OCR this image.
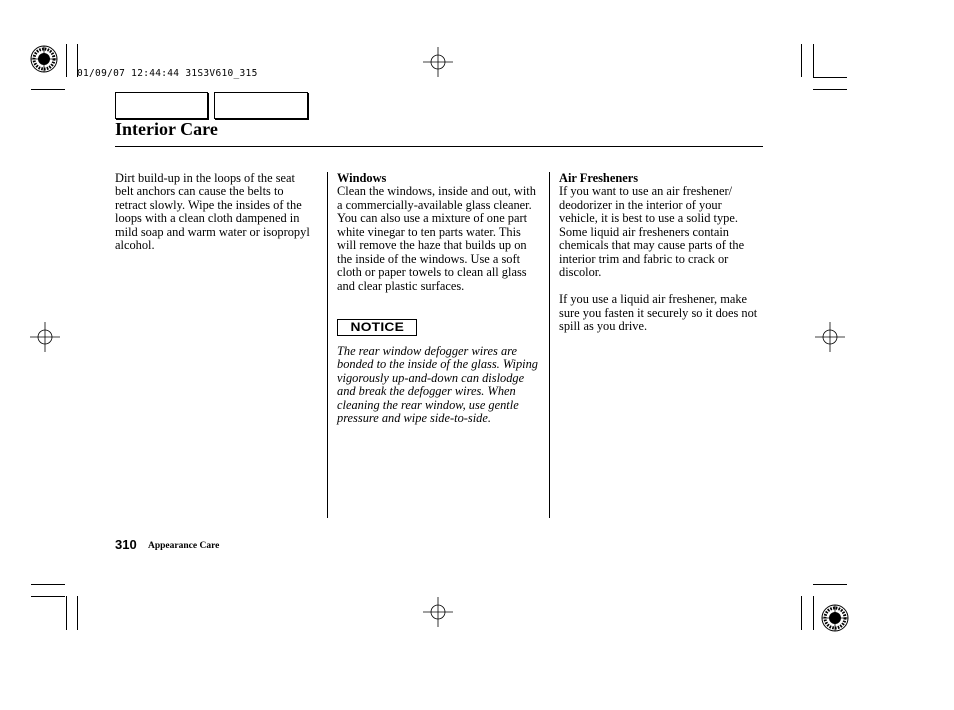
01/09/07 12:44:44 31S3V610_315
Interior Care

Dirt build-up in the loops of the seat belt anchors can cause the belts to retract slowly. Wipe the insides of the loops with a clean cloth dampened in mild soap and warm water or isopropyl alcohol.

Windows

Clean the windows, inside and out, with a commercially-available glass cleaner. You can also use a mixture of one part white vinegar to ten parts water. This will remove the haze that builds up on the inside of the windows. Use a soft cloth or paper towels to clean all glass and clear plastic surfaces.

NOTICE

The rear window defogger wires are bonded to the inside of the glass. Wiping vigorously up-and-down can dislodge and break the defogger wires. When cleaning the rear window, use gentle pressure and wipe side-to-side.

Air Fresheners

If you want to use an air freshener/ deodorizer in the interior of your vehicle, it is best to use a solid type. Some liquid air fresheners contain chemicals that may cause parts of the interior trim and fabric to crack or discolor.

If you use a liquid air freshener, make sure you fasten it securely so it does not spill as you drive.

310 Appearance Care
